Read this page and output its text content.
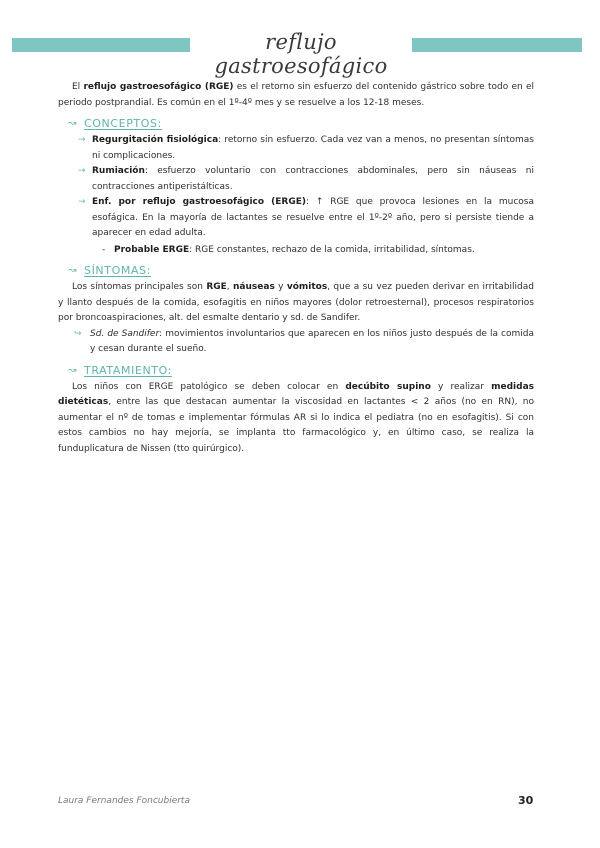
reflujo gastroesofágico

El reflujo gastroesofágico (RGE) es el retorno sin esfuerzo del contenido gástrico sobre todo en el periodo postprandial. Es común en el 1º-4º mes y se resuelve a los 12-18 meses.

↝ CONCEPTOS:
→ Regurgitación fisiológica: retorno sin esfuerzo. Cada vez van a menos, no presentan síntomas ni complicaciones.
→ Rumiación: esfuerzo voluntario con contracciones abdominales, pero sin náuseas ni contracciones antiperistálticas.
→ Enf. por reflujo gastroesofágico (ERGE): ↑ RGE que provoca lesiones en la mucosa esofágica. En la mayoría de lactantes se resuelve entre el 1º-2º año, pero si persiste tiende a aparecer en edad adulta.
- Probable ERGE: RGE constantes, rechazo de la comida, irritabilidad, síntomas.
↝ SÍNTOMAS:

Los síntomas principales son RGE, náuseas y vómitos, que a su vez pueden derivar en irritabilidad y llanto después de la comida, esofagitis en niños mayores (dolor retroesternal), procesos respiratorios por broncoaspiraciones, alt. del esmalte dentario y sd. de Sandifer.

↪ Sd. de Sandifer: movimientos involuntarios que aparecen en los niños justo después de la comida y cesan durante el sueño.
↝ TRATAMIENTO:

Los niños con ERGE patológico se deben colocar en decúbito supino y realizar medidas dietéticas, entre las que destacan aumentar la viscosidad en lactantes < 2 años (no en RN), no aumentar el nº de tomas e implementar fórmulas AR si lo indica el pediatra (no en esofagitis). Si con estos cambios no hay mejoría, se implanta tto farmacológico y, en último caso, se realiza la funduplicatura de Nissen (tto quirúrgico).

Laura Fernandes Foncubierta	30
